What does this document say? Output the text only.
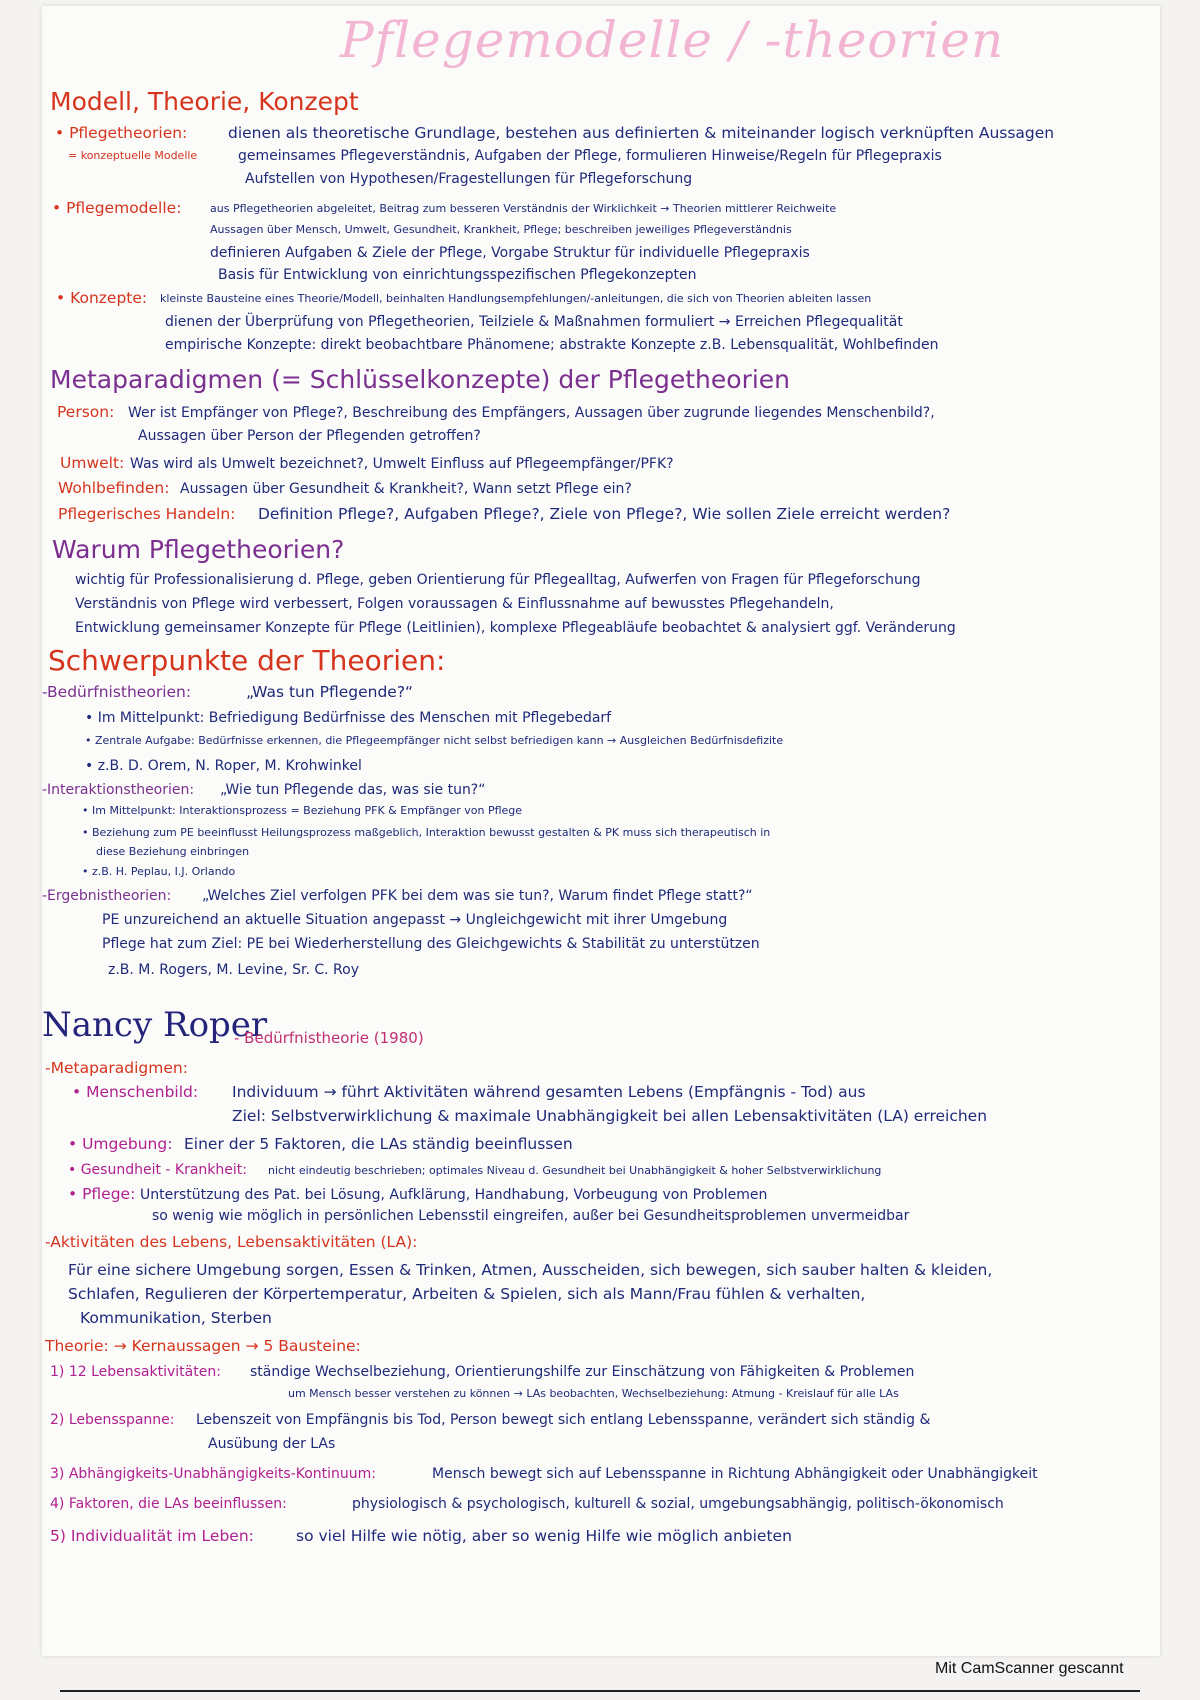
Pflegemodelle / -theorien
Modell, Theorie, Konzept
• Pflegetheorien:	dienen als theoretische Grundlage, bestehen aus definierten & miteinander logisch verknüpften Aussagen
= konzeptuelle Modelle	gemeinsames Pflegeverständnis, Aufgaben der Pflege, formulieren Hinweise/Regeln für Pflegepraxis
Aufstellen von Hypothesen/Fragestellungen für Pflegeforschung
• Pflegemodelle:	aus Pflegetheorien abgeleitet, Beitrag zum besseren Verständnis der Wirklichkeit → Theorien mittlerer Reichweite
Aussagen über Mensch, Umwelt, Gesundheit, Krankheit, Pflege; beschreiben jeweiliges Pflegeverständnis
definieren Aufgaben & Ziele der Pflege, Vorgabe Struktur für individuelle Pflegepraxis
Basis für Entwicklung von einrichtungsspezifischen Pflegekonzepten
• Konzepte: kleinste Bausteine eines Theorie/Modell, beinhalten Handlungsempfehlungen/-anleitungen, die sich von Theorien ableiten lassen
dienen der Überprüfung von Pflegetheorien, Teilziele & Maßnahmen formuliert → Erreichen Pflegequalität
empirische Konzepte: direkt beobachtbare Phänomene; abstrakte Konzepte z.B. Lebensqualität, Wohlbefinden
Metaparadigmen (= Schlüsselkonzepte) der Pflegetheorien
Person: Wer ist Empfänger von Pflege?, Beschreibung des Empfängers, Aussagen über zugrunde liegendes Menschenbild?,
Aussagen über Person der Pflegenden getroffen?
Umwelt: Was wird als Umwelt bezeichnet?, Umwelt Einfluss auf Pflegeempfänger/PFK?
Wohlbefinden: Aussagen über Gesundheit & Krankheit?, Wann setzt Pflege ein?
Pflegerisches Handeln: Definition Pflege?, Aufgaben Pflege?, Ziele von Pflege?, Wie sollen Ziele erreicht werden?
Warum Pflegetheorien?
wichtig für Professionalisierung d. Pflege, geben Orientierung für Pflegealltag, Aufwerfen von Fragen für Pflegeforschung
Verständnis von Pflege wird verbessert, Folgen voraussagen & Einflussnahme auf bewusstes Pflegehandeln,
Entwicklung gemeinsamer Konzepte für Pflege (Leitlinien), komplexe Pflegeabläufe beobachtet & analysiert ggf. Veränderung
Schwerpunkte der Theorien:
-Bedürfnistheorien:	„Was tun Pflegende?“
• Im Mittelpunkt: Befriedigung Bedürfnisse des Menschen mit Pflegebedarf
• Zentrale Aufgabe: Bedürfnisse erkennen, die Pflegeempfänger nicht selbst befriedigen kann → Ausgleichen Bedürfnisdefizite
• z.B. D. Orem, N. Roper, M. Krohwinkel
-Interaktionstheorien: „Wie tun Pflegende das, was sie tun?“
• Im Mittelpunkt: Interaktionsprozess = Beziehung PFK & Empfänger von Pflege
• Beziehung zum PE beeinflusst Heilungsprozess maßgeblich, Interaktion bewusst gestalten & PK muss sich therapeutisch in
diese Beziehung einbringen
• z.B. H. Peplau, I.J. Orlando
-Ergebnistheorien: „Welches Ziel verfolgen PFK bei dem was sie tun?, Warum findet Pflege statt?“
PE unzureichend an aktuelle Situation angepasst → Ungleichgewicht mit ihrer Umgebung
Pflege hat zum Ziel: PE bei Wiederherstellung des Gleichgewichts & Stabilität zu unterstützen
z.B. M. Rogers, M. Levine, Sr. C. Roy
Nancy Roper
- Bedürfnistheorie (1980)
-Metaparadigmen:
• Menschenbild: Individuum → führt Aktivitäten während gesamten Lebens (Empfängnis - Tod) aus
Ziel: Selbstverwirklichung & maximale Unabhängigkeit bei allen Lebensaktivitäten (LA) erreichen
• Umgebung: Einer der 5 Faktoren, die LAs ständig beeinflussen
• Gesundheit - Krankheit: nicht eindeutig beschrieben; optimales Niveau d. Gesundheit bei Unabhängigkeit & hoher Selbstverwirklichung
• Pflege: Unterstützung des Pat. bei Lösung, Aufklärung, Handhabung, Vorbeugung von Problemen
so wenig wie möglich in persönlichen Lebensstil eingreifen, außer bei Gesundheitsproblemen unvermeidbar
-Aktivitäten des Lebens, Lebensaktivitäten (LA):
Für eine sichere Umgebung sorgen, Essen & Trinken, Atmen, Ausscheiden, sich bewegen, sich sauber halten & kleiden,
Schlafen, Regulieren der Körpertemperatur, Arbeiten & Spielen, sich als Mann/Frau fühlen & verhalten,
Kommunikation, Sterben
Theorie: → Kernaussagen → 5 Bausteine:
1) 12 Lebensaktivitäten: ständige Wechselbeziehung, Orientierungshilfe zur Einschätzung von Fähigkeiten & Problemen
um Mensch besser verstehen zu können → LAs beobachten, Wechselbeziehung: Atmung - Kreislauf für alle LAs
2) Lebensspanne: Lebenszeit von Empfängnis bis Tod, Person bewegt sich entlang Lebensspanne, verändert sich ständig &
Ausübung der LAs
3) Abhängigkeits-Unabhängigkeits-Kontinuum:	Mensch bewegt sich auf Lebensspanne in Richtung Abhängigkeit oder Unabhängigkeit
4) Faktoren, die LAs beeinflussen:	physiologisch & psychologisch, kulturell & sozial, umgebungsabhängig, politisch-ökonomisch
5) Individualität im Leben:	so viel Hilfe wie nötig, aber so wenig Hilfe wie möglich anbieten
Mit CamScanner gescannt
